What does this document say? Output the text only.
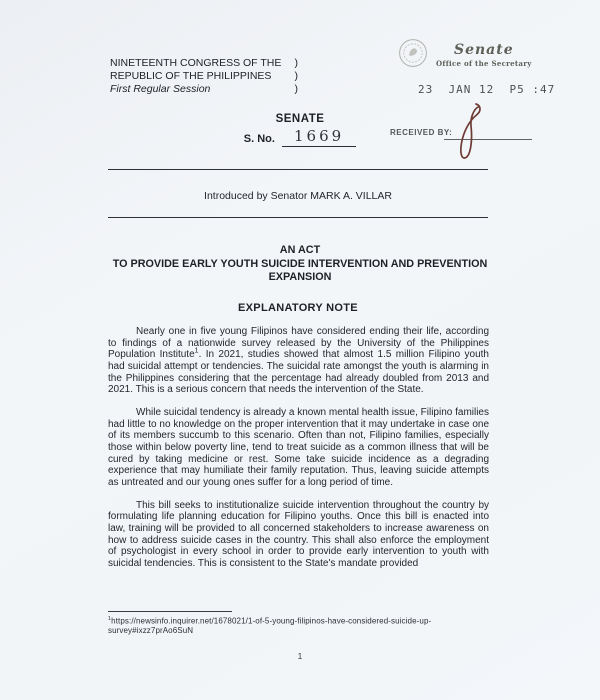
NINETEENTH CONGRESS OF THE )
REPUBLIC OF THE PHILIPPINES )
First Regular Session	)
Senate
Office of the Secretary
23  JAN 12  P5 :47
SENATE
S. No. 1669	RECEIVED BY:
Introduced by Senator MARK A. VILLAR
AN ACT
TO PROVIDE EARLY YOUTH SUICIDE INTERVENTION AND PREVENTION
EXPANSION
EXPLANATORY NOTE

Nearly one in five young Filipinos have considered ending their life, according to findings of a nationwide survey released by the University of the Philippines Population Institute$^1$. In 2021, studies showed that almost 1.5 million Filipino youth had suicidal attempt or tendencies. The suicidal rate amongst the youth is alarming in the Philippines considering that the percentage had already doubled from 2013 and 2021. This is a serious concern that needs the intervention of the State.

While suicidal tendency is already a known mental health issue, Filipino families had little to no knowledge on the proper intervention that it may undertake in case one of its members succumb to this scenario. Often than not, Filipino families, especially those within below poverty line, tend to treat suicide as a common illness that will be cured by taking medicine or rest. Some take suicide incidence as a degrading experience that may humiliate their family reputation. Thus, leaving suicide attempts as untreated and our young ones suffer for a long period of time.

This bill seeks to institutionalize suicide intervention throughout the country by formulating life planning education for Filipino youths. Once this bill is enacted into law, training will be provided to all concerned stakeholders to increase awareness on how to address suicide cases in the country. This shall also enforce the employment of psychologist in every school in order to provide early intervention to youth with suicidal tendencies. This is consistent to the State's mandate provided

$^1$https://newsinfo.inquirer.net/1678021/1-of-5-young-filipinos-have-considered-suicide-up-survey#ixzz7prAo6SuN
1
